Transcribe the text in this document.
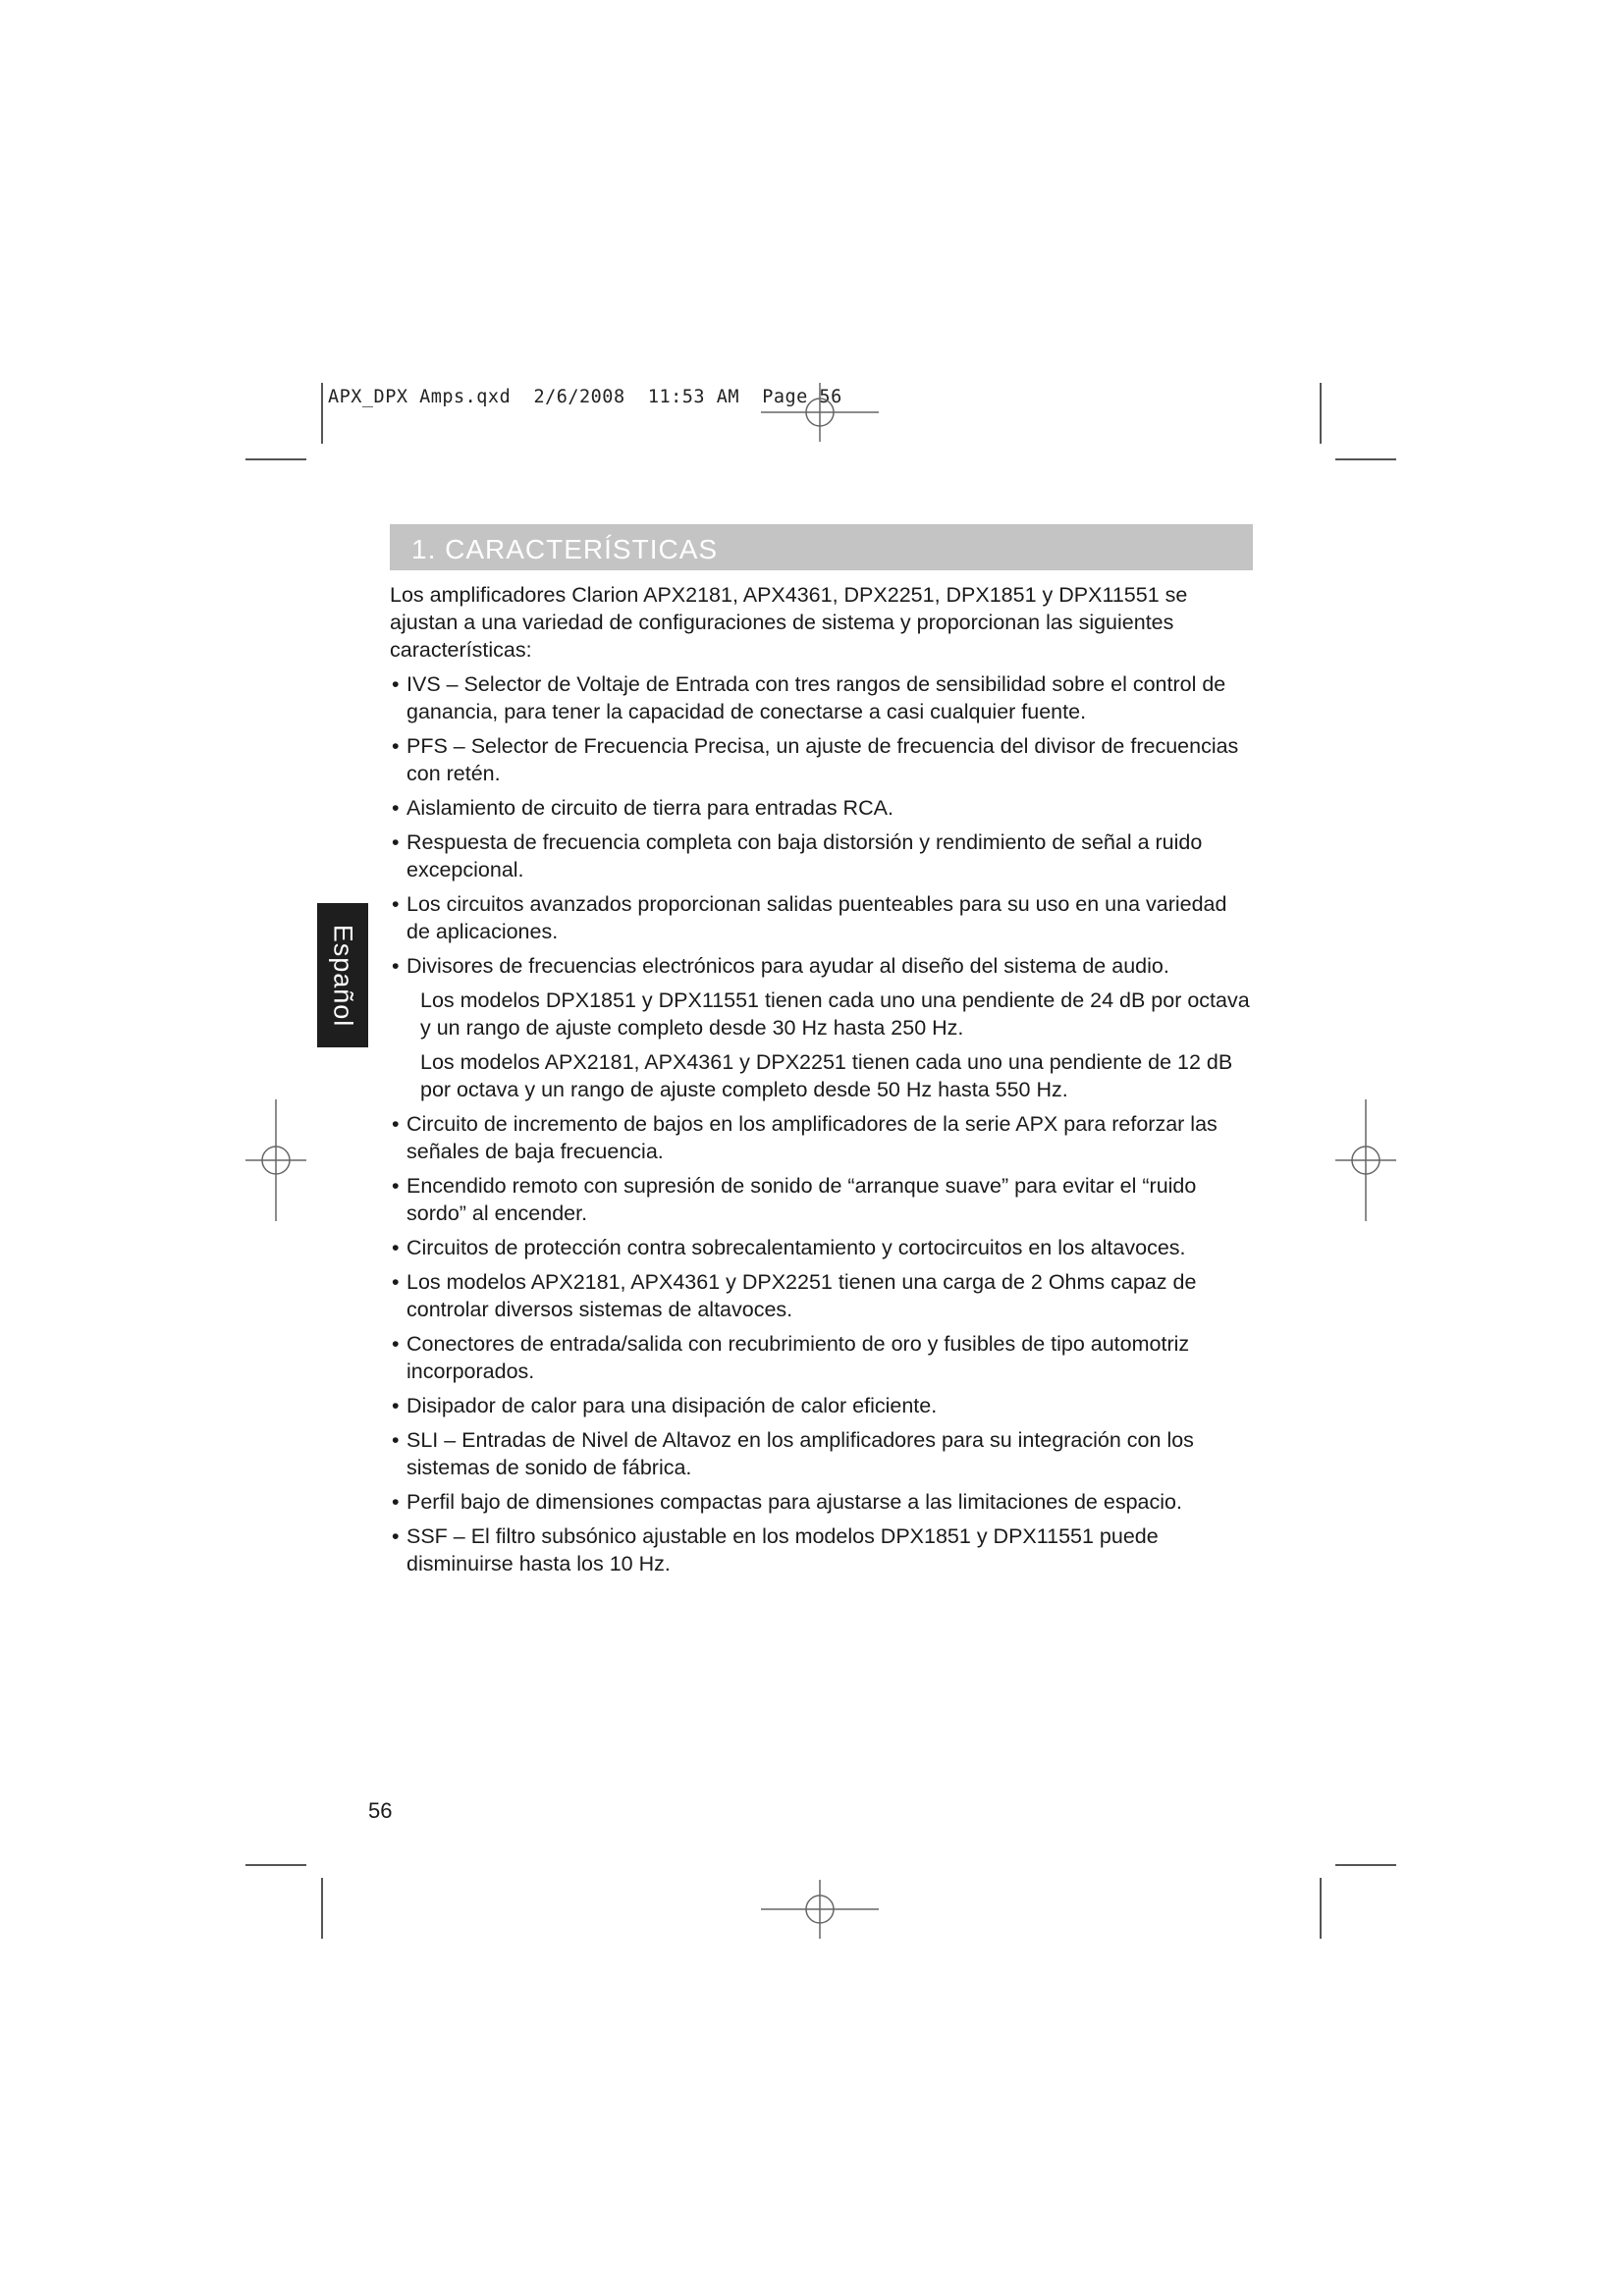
APX_DPX Amps.qxd  2/6/2008  11:53 AM  Page 56
Español
1. CARACTERÍSTICAS

Los amplificadores Clarion APX2181, APX4361, DPX2251, DPX1851 y DPX11551 se ajustan a una variedad de configuraciones de sistema y proporcionan las siguientes características:

• IVS – Selector de Voltaje de Entrada con tres rangos de sensibilidad sobre el control de ganancia, para tener la capacidad de conectarse a casi cualquier fuente.
• PFS – Selector de Frecuencia Precisa, un ajuste de frecuencia del divisor de frecuencias con retén.
• Aislamiento de circuito de tierra para entradas RCA.
• Respuesta de frecuencia completa con baja distorsión y rendimiento de señal a ruido excepcional.
• Los circuitos avanzados proporcionan salidas puenteables para su uso en una variedad de aplicaciones.
• Divisores de frecuencias electrónicos para ayudar al diseño del sistema de audio.

Los modelos DPX1851 y DPX11551 tienen cada uno una pendiente de 24 dB por octava y un rango de ajuste completo desde 30 Hz hasta 250 Hz.

Los modelos APX2181, APX4361 y DPX2251 tienen cada uno una pendiente de 12 dB por octava y un rango de ajuste completo desde 50 Hz hasta 550 Hz.

• Circuito de incremento de bajos en los amplificadores de la serie APX para reforzar las señales de baja frecuencia.
• Encendido remoto con supresión de sonido de “arranque suave” para evitar el “ruido sordo” al encender.
• Circuitos de protección contra sobrecalentamiento y cortocircuitos en los altavoces.
• Los modelos APX2181, APX4361 y DPX2251 tienen una carga de 2 Ohms capaz de controlar diversos sistemas de altavoces.
• Conectores de entrada/salida con recubrimiento de oro y fusibles de tipo automotriz incorporados.
• Disipador de calor para una disipación de calor eficiente.
• SLI – Entradas de Nivel de Altavoz en los amplificadores para su integración con los sistemas de sonido de fábrica.
• Perfil bajo de dimensiones compactas para ajustarse a las limitaciones de espacio.
• SSF – El filtro subsónico ajustable en los modelos DPX1851 y DPX11551 puede disminuirse hasta los 10 Hz.
56
